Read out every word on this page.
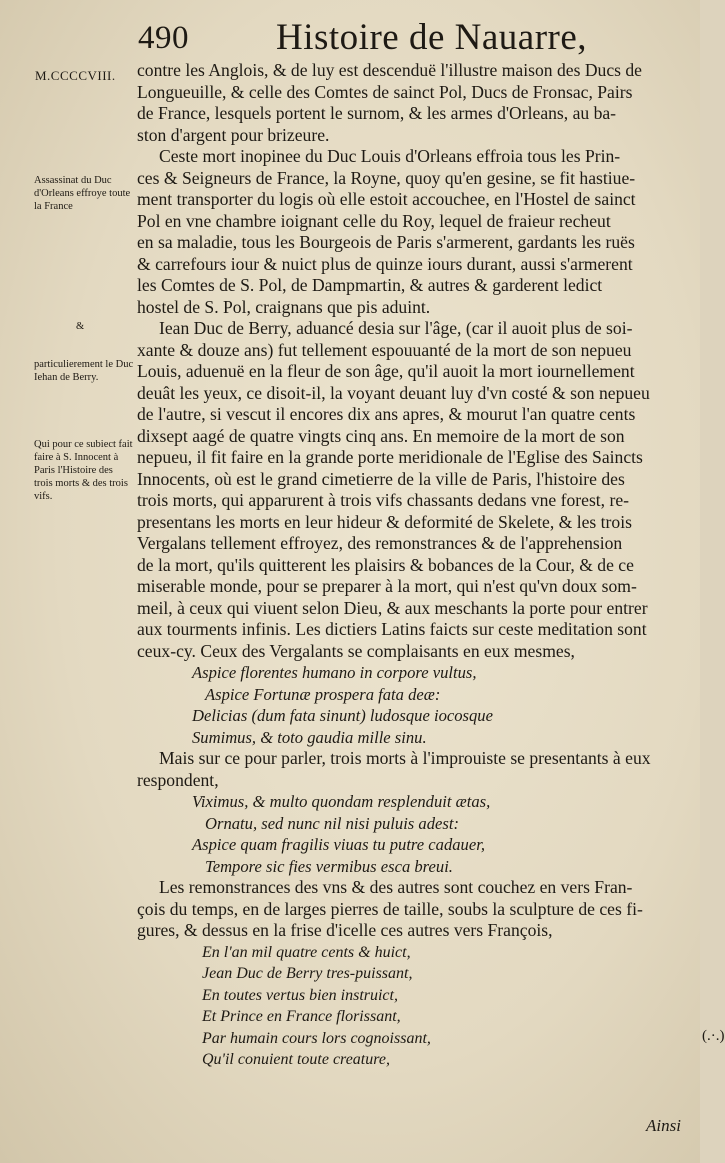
490 Histoire de Nauarre,
M.CCCCVIII.
Assassinat du Duc d'Orleans effroye toute la France
&
particulierement le Duc Iehan de Berry.
Qui pour ce subiect fait faire à S. Innocent à Paris l'Histoire des trois morts & des trois vifs.
contre les Anglois, & de luy est descenduë l'illustre maison des Ducs de
Longueuille, & celle des Comtes de sainct Pol, Ducs de Fronsac, Pairs
de France, lesquels portent le surnom, & les armes d'Orleans, au ba-
ston d'argent pour brizeure.
Ceste mort inopinee du Duc Louis d'Orleans effroia tous les Prin-
ces & Seigneurs de France, la Royne, quoy qu'en gesine, se fit hastiue-
ment transporter du logis où elle estoit accouchee, en l'Hostel de sainct
Pol en vne chambre ioignant celle du Roy, lequel de fraieur recheut
en sa maladie, tous les Bourgeois de Paris s'armerent, gardants les ruës
& carrefours iour & nuict plus de quinze iours durant, aussi s'armerent
les Comtes de S. Pol, de Dampmartin, & autres & garderent ledict
hostel de S. Pol, craignans que pis aduint.
Iean Duc de Berry, aduancé desia sur l'âge, (car il auoit plus de soi-
xante & douze ans) fut tellement espouuanté de la mort de son nepueu
Louis, aduenuë en la fleur de son âge, qu'il auoit la mort iournellement
deuât les yeux, ce disoit-il, la voyant deuant luy d'vn costé & son nepueu
de l'autre, si vescut il encores dix ans apres, & mourut l'an quatre cents
dixsept aagé de quatre vingts cinq ans. En memoire de la mort de son
nepueu, il fit faire en la grande porte meridionale de l'Eglise des Saincts
Innocents, où est le grand cimetierre de la ville de Paris, l'histoire des
trois morts, qui apparurent à trois vifs chassants dedans vne forest, re-
presentans les morts en leur hideur & deformité de Skelete, & les trois
Vergalans tellement effroyez, des remonstrances & de l'apprehension
de la mort, qu'ils quitterent les plaisirs & bobances de la Cour, & de ce
miserable monde, pour se preparer à la mort, qui n'est qu'vn doux som-
meil, à ceux qui viuent selon Dieu, & aux meschants la porte pour entrer
aux tourments infinis. Les dictiers Latins faicts sur ceste meditation sont
ceux-cy. Ceux des Vergalants se complaisants en eux mesmes,
Aspice florentes humano in corpore vultus,
Aspice Fortunæ prospera fata deæ:
Delicias (dum fata sinunt) ludosque iocosque
Sumimus, & toto gaudia mille sinu.
Mais sur ce pour parler, trois morts à l'improuiste se presentants à eux
respondent,
Viximus, & multo quondam resplenduit ætas,
Ornatu, sed nunc nil nisi puluis adest:
Aspice quam fragilis viuas tu putre cadauer,
Tempore sic fies vermibus esca breui.
Les remonstrances des vns & des autres sont couchez en vers Fran-
çois du temps, en de larges pierres de taille, soubs la sculpture de ces fi-
gures, & dessus en la frise d'icelle ces autres vers François,
En l'an mil quatre cents & huict,
Jean Duc de Berry tres-puissant,
En toutes vertus bien instruict,
Et Prince en France florissant,
Par humain cours lors cognoissant,	(.·.)
Qu'il conuient toute creature,
Ainsi
